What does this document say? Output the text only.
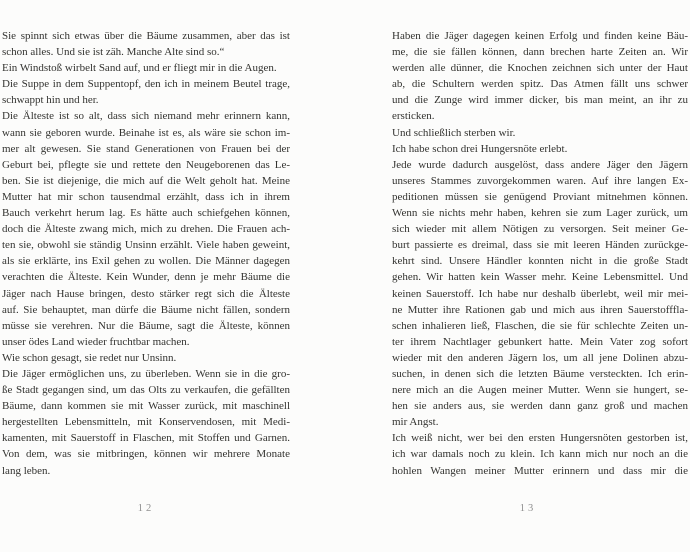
Sie spinnt sich etwas über die Bäume zusammen, aber das ist
schon alles. Und sie ist zäh. Manche Alte sind so.“
Ein Windstoß wirbelt Sand auf, und er fliegt mir in die Augen.
Die Suppe in dem Suppentopf, den ich in meinem Beutel trage,
schwappt hin und her.
Die Älteste ist so alt, dass sich niemand mehr erinnern kann,
wann sie geboren wurde. Beinahe ist es, als wäre sie schon im-
mer alt gewesen. Sie stand Generationen von Frauen bei der
Geburt bei, pflegte sie und rettete den Neugeborenen das Le-
ben. Sie ist diejenige, die mich auf die Welt geholt hat. Meine
Mutter hat mir schon tausendmal erzählt, dass ich in ihrem
Bauch verkehrt herum lag. Es hätte auch schiefgehen können,
doch die Älteste zwang mich, mich zu drehen. Die Frauen ach-
ten sie, obwohl sie ständig Unsinn erzählt. Viele haben geweint,
als sie erklärte, ins Exil gehen zu wollen. Die Männer dagegen
verachten die Älteste. Kein Wunder, denn je mehr Bäume die
Jäger nach Hause bringen, desto stärker regt sich die Älteste
auf. Sie behauptet, man dürfe die Bäume nicht fällen, sondern
müsse sie verehren. Nur die Bäume, sagt die Älteste, können
unser ödes Land wieder fruchtbar machen.
Wie schon gesagt, sie redet nur Unsinn.
Die Jäger ermöglichen uns, zu überleben. Wenn sie in die gro-
ße Stadt gegangen sind, um das Olts zu verkaufen, die gefällten
Bäume, dann kommen sie mit Wasser zurück, mit maschinell
hergestellten Lebensmitteln, mit Konservendosen, mit Medi-
kamenten, mit Sauerstoff in Flaschen, mit Stoffen und Garnen.
Von dem, was sie mitbringen, können wir mehrere Monate
lang leben.
Haben die Jäger dagegen keinen Erfolg und finden keine Bäu-
me, die sie fällen können, dann brechen harte Zeiten an. Wir
werden alle dünner, die Knochen zeichnen sich unter der Haut
ab, die Schultern werden spitz. Das Atmen fällt uns schwer
und die Zunge wird immer dicker, bis man meint, an ihr zu
ersticken.
Und schließlich sterben wir.
Ich habe schon drei Hungersnöte erlebt.
Jede wurde dadurch ausgelöst, dass andere Jäger den Jägern
unseres Stammes zuvorgekommen waren. Auf ihre langen Ex-
peditionen müssen sie genügend Proviant mitnehmen können.
Wenn sie nichts mehr haben, kehren sie zum Lager zurück, um
sich wieder mit allem Nötigen zu versorgen. Seit meiner Ge-
burt passierte es dreimal, dass sie mit leeren Händen zurückge-
kehrt sind. Unsere Händler konnten nicht in die große Stadt
gehen. Wir hatten kein Wasser mehr. Keine Lebensmittel. Und
keinen Sauerstoff. Ich habe nur deshalb überlebt, weil mir mei-
ne Mutter ihre Rationen gab und mich aus ihren Sauerstofffla-
schen inhalieren ließ, Flaschen, die sie für schlechte Zeiten un-
ter ihrem Nachtlager gebunkert hatte. Mein Vater zog sofort
wieder mit den anderen Jägern los, um all jene Dolinen abzu-
suchen, in denen sich die letzten Bäume versteckten. Ich erin-
nere mich an die Augen meiner Mutter. Wenn sie hungert, se-
hen sie anders aus, sie werden dann ganz groß und machen
mir Angst.
Ich weiß nicht, wer bei den ersten Hungersnöten gestorben ist,
ich war damals noch zu klein. Ich kann mich nur noch an die
hohlen Wangen meiner Mutter erinnern und dass mir die
12	13
